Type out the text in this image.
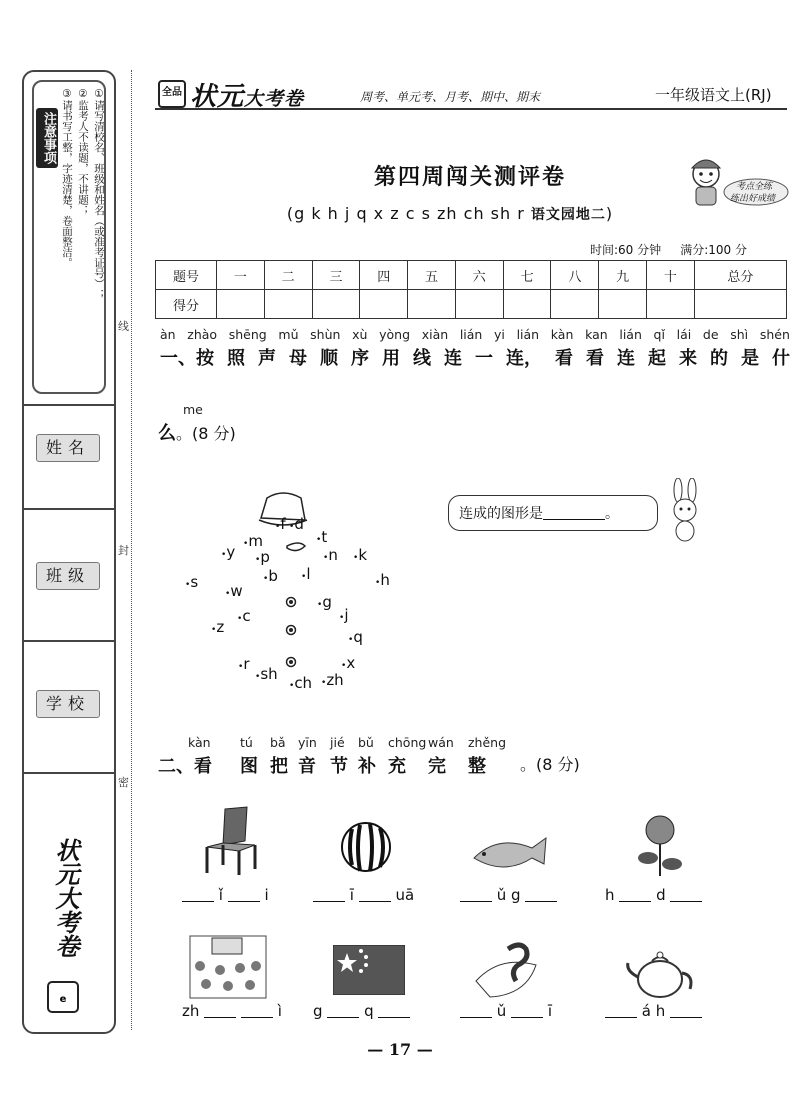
注意事项	①请写清校名、班级和姓名（或准考证号）；
②监考人不读题，不讲题；
③请书写工整，字迹清楚，卷面整洁。
姓名
班级
学校
e
状元大考卷
线
封
密
全品 状元大考卷	周考、单元考、月考、期中、期末	一年级语文上(RJ)
第四周闯关测评卷
(g k h j q x z c s zh ch sh r 语文园地二)
考点全练
练出好成绩
时间:60 分钟 满分:100 分
题号	一	二	三	四	五	六	七	八	九	十	总分
得分											
àn zhào shēng mǔ shùn xù yòng xiàn lián yi lián kàn kan lián qǐ lái de shì shén
一、按 照 声 母 顺 序 用 线 连 一 连， 看 看 连 起 来 的 是 什
me
么。(8 分)
•f •d
•m	•t
•y •p	•n •k
•b	•l
•s	•h
•w
•g
•c	•j
•z
•q
•r	•x
•sh
•ch •zh
连成的图形是	。
kàn	tú	bǎ yīn	jié	bǔ	chōng wán	zhěng
二、看	图 把 音 节 补 充	完	整	。(8 分)
ǐ	i	ī	uā	ǔ g	h	d
zh	ì g	q	ǔ	ī	á h
— 17 —
